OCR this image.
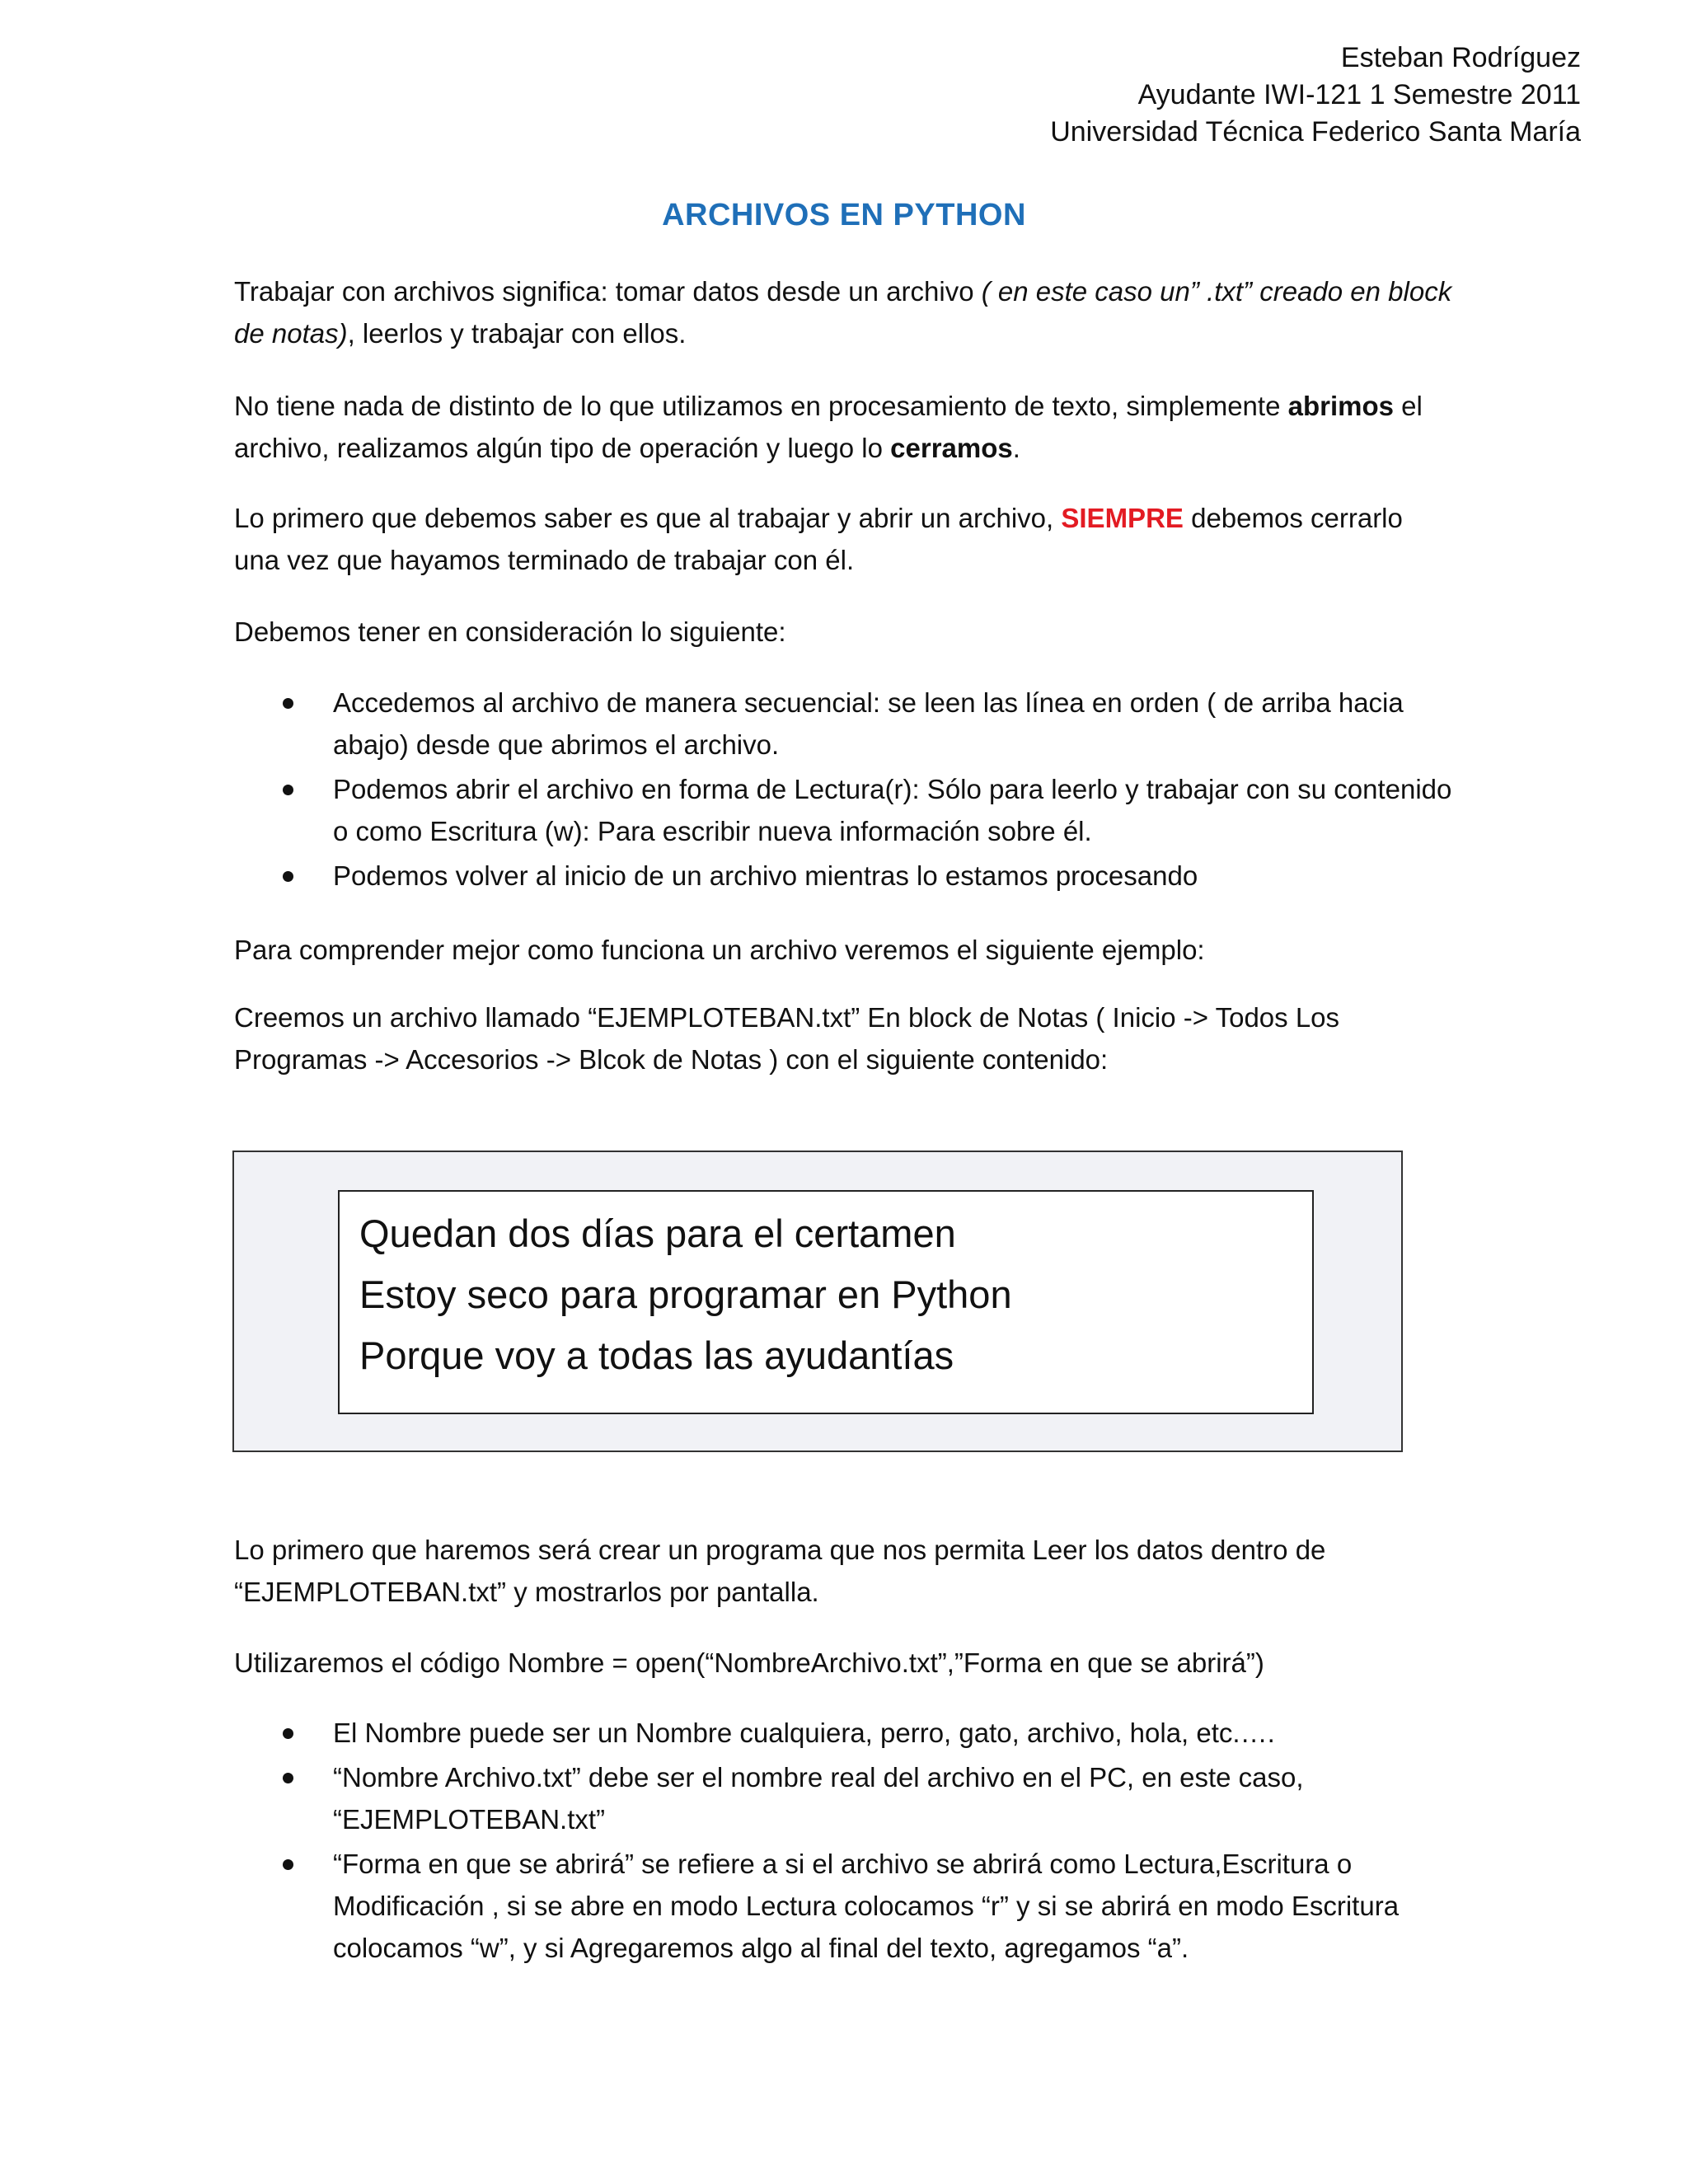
Esteban Rodríguez
Ayudante IWI-121 1 Semestre 2011
Universidad Técnica Federico Santa María
ARCHIVOS EN PYTHON

Trabajar con archivos significa: tomar datos desde un archivo ( en este caso un” .txt” creado en block de notas), leerlos y trabajar con ellos.

No tiene nada de distinto de lo que utilizamos en procesamiento de texto, simplemente abrimos el archivo, realizamos algún tipo de operación y luego lo cerramos.

Lo primero que debemos saber es que al trabajar y abrir un archivo, SIEMPRE debemos cerrarlo una vez que hayamos terminado de trabajar con él.

Debemos tener en consideración lo siguiente:

Accedemos al archivo de manera secuencial: se leen las línea en orden ( de arriba hacia abajo) desde que abrimos el archivo.
Podemos abrir el archivo en forma de Lectura(r): Sólo para leerlo y trabajar con su contenido o como Escritura (w): Para escribir nueva información sobre él.
Podemos volver al inicio de un archivo mientras lo estamos procesando

Para comprender mejor como funciona un archivo veremos el siguiente ejemplo:

Creemos un archivo llamado “EJEMPLOTEBAN.txt” En block de Notas ( Inicio -> Todos Los Programas -> Accesorios -> Blcok de Notas ) con el siguiente contenido:

Quedan dos días para el certamen
Estoy seco para programar en Python
Porque voy a todas las ayudantías

Lo primero que haremos será crear un programa que nos permita Leer los datos dentro de “EJEMPLOTEBAN.txt” y mostrarlos por pantalla.

Utilizaremos el código Nombre = open(“NombreArchivo.txt”,”Forma en que se abrirá”)

El Nombre puede ser un Nombre cualquiera, perro, gato, archivo, hola, etc.….
“Nombre Archivo.txt” debe ser el nombre real del archivo en el PC, en este caso, “EJEMPLOTEBAN.txt”
“Forma en que se abrirá” se refiere a si el archivo se abrirá como Lectura,Escritura o Modificación , si se abre en modo Lectura colocamos “r” y si se abrirá en modo Escritura colocamos “w”, y si Agregaremos algo al final del texto, agregamos “a”.
